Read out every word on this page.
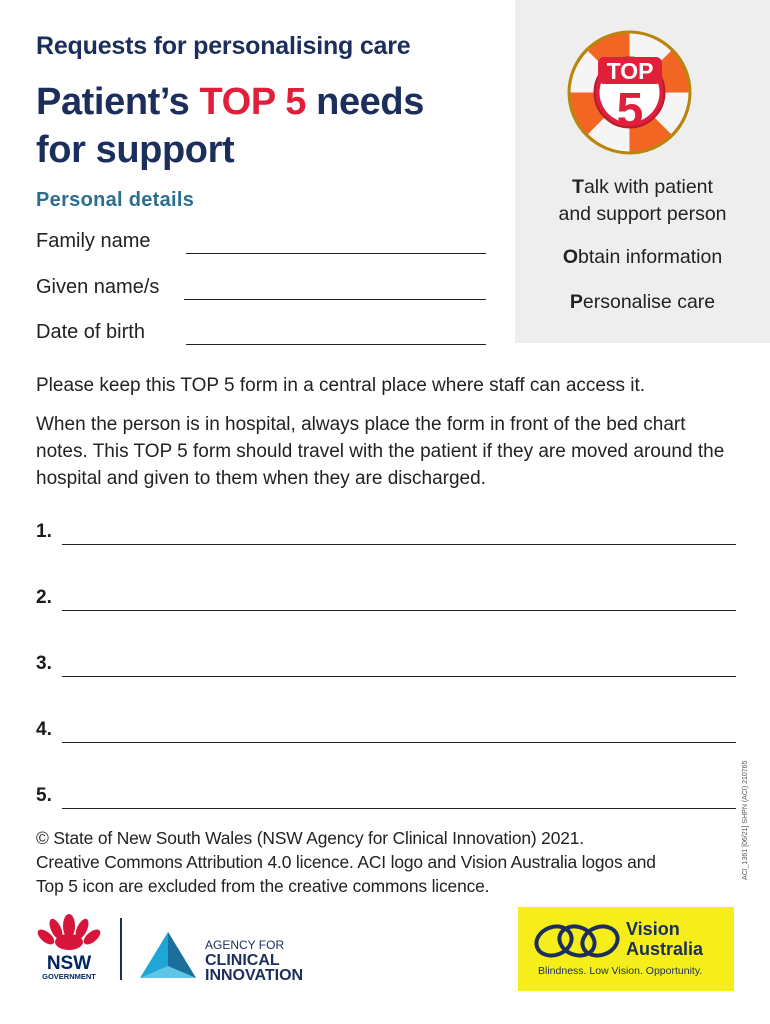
Requests for personalising care
Patient’s TOP 5 needs
for support
Personal details
Family name
Given name/s
Date of birth
TOP
5
Talk with patient
and support person
Obtain information
Personalise care
Please keep this TOP 5 form in a central place where staff can access it.
When the person is in hospital, always place the form in front of the bed chart notes. This TOP 5 form should travel with the patient if they are moved around the hospital and given to them when they are discharged.
1.
2.
3.
4.
5.
© State of New South Wales (NSW Agency for Clinical Innovation) 2021.
Creative Commons Attribution 4.0 licence. ACI logo and Vision Australia logos and
Top 5 icon are excluded from the creative commons licence.
ACI_1361 [06/21] SHPN (ACI) 210765
NSW
GOVERNMENT
AGENCY FOR
CLINICAL
INNOVATION
Vision
Australia
Blindness. Low Vision. Opportunity.
